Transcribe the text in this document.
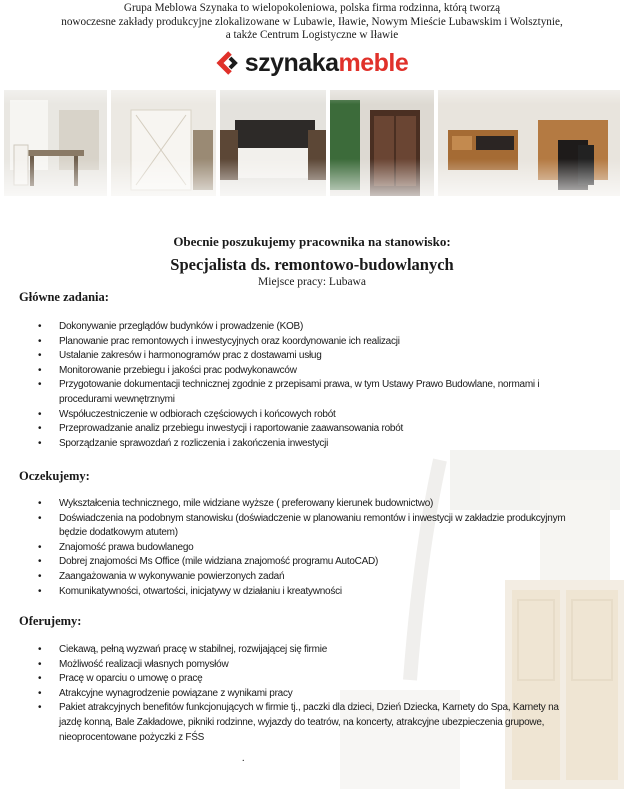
Grupa Meblowa Szynaka to wielopokoleniowa, polska firma rodzinna, którą tworzą
nowoczesne zakłady produkcyjne zlokalizowane w Lubawie, Iławie, Nowym Mieście Lubawskim i Wolsztynie,
a także Centrum Logistyczne w Iławie
szynakameble
Obecnie poszukujemy pracownika na stanowisko:
Specjalista ds. remontowo-budowlanych
Miejsce pracy: Lubawa
Główne zadania:
• Dokonywanie przeglądów budynków i prowadzenie (KOB)
• Planowanie prac remontowych i inwestycyjnych oraz koordynowanie ich realizacji
• Ustalanie zakresów i harmonogramów prac z dostawami usług
• Monitorowanie przebiegu i jakości prac podwykonawców
• Przygotowanie dokumentacji technicznej zgodnie z przepisami prawa, w tym Ustawy Prawo Budowlane, normami i procedurami wewnętrznymi
• Współuczestniczenie w odbiorach częściowych i końcowych robót
• Przeprowadzanie analiz przebiegu inwestycji i raportowanie zaawansowania robót
• Sporządzanie sprawozdań z rozliczenia i zakończenia inwestycji
Oczekujemy:
• Wykształcenia technicznego, mile widziane wyższe ( preferowany kierunek budownictwo)
• Doświadczenia na podobnym stanowisku (doświadczenie w planowaniu remontów i inwestycji w zakładzie produkcyjnym będzie dodatkowym atutem)
• Znajomość prawa budowlanego
• Dobrej znajomości Ms Office (mile widziana znajomość programu AutoCAD)
• Zaangażowania w wykonywanie powierzonych zadań
• Komunikatywności, otwartości, inicjatywy w działaniu i kreatywności
Oferujemy:
• Ciekawą, pełną wyzwań pracę w stabilnej, rozwijającej się firmie
• Możliwość realizacji własnych pomysłów
• Pracę w oparciu o umowę o pracę
• Atrakcyjne wynagrodzenie powiązane z wynikami pracy
• Pakiet atrakcyjnych benefitów funkcjonujących w firmie tj., paczki dla dzieci, Dzień Dziecka, Karnety do Spa, Karnety na jazdę konną, Bale Zakładowe, pikniki rodzinne, wyjazdy do teatrów, na koncerty, atrakcyjne ubezpieczenia grupowe, nieoprocentowane pożyczki z FŚS
.
